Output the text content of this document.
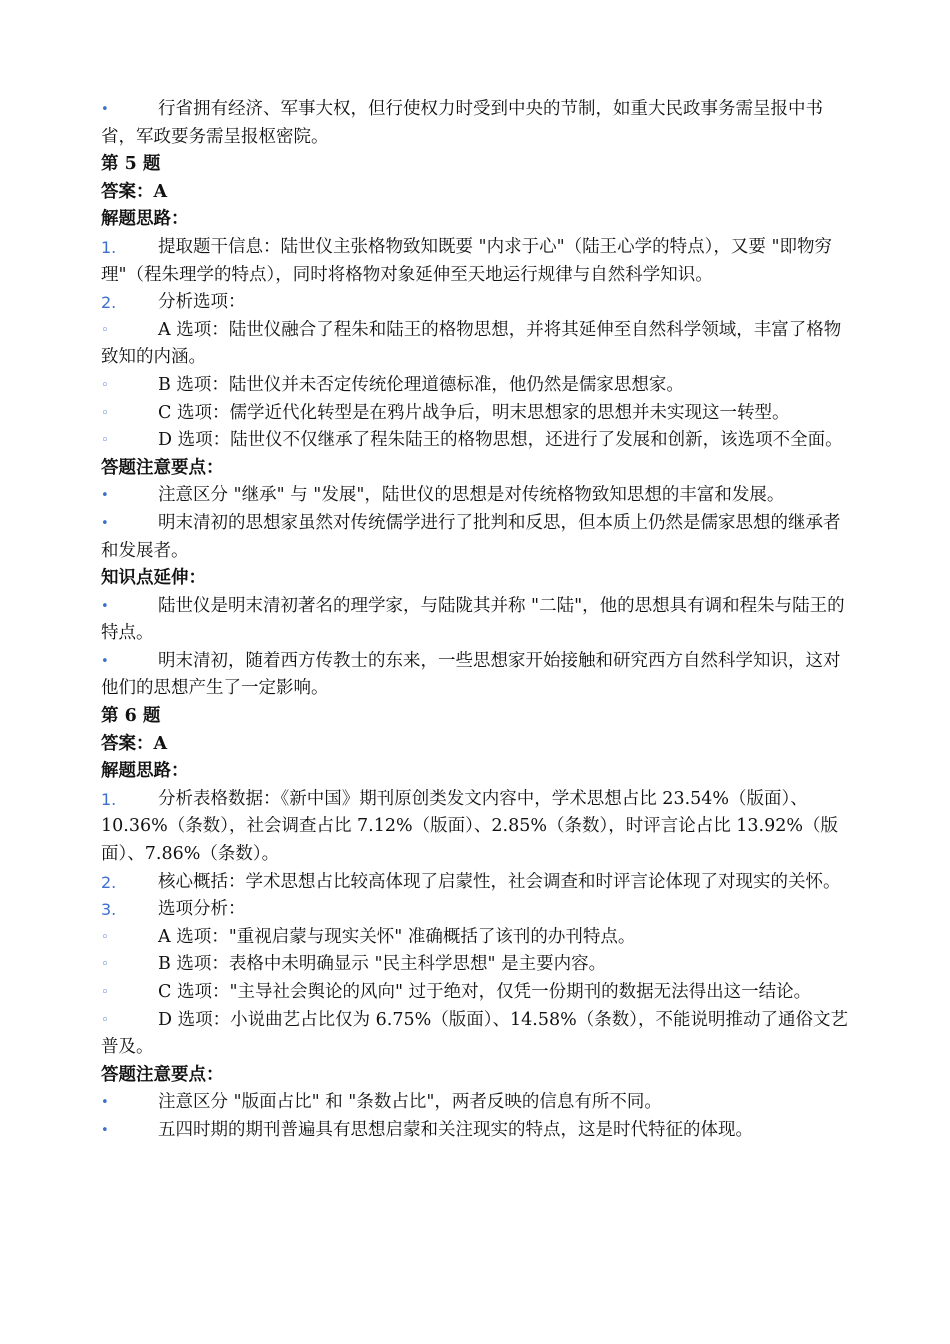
•	行省拥有经济、军事大权，但行使权力时受到中央的节制，如重大民政事务需呈报中书省，军政要务需呈报枢密院。
第 5 题
答案：A
解题思路：
1. 提取题干信息：陆世仪主张格物致知既要 "内求于心"（陆王心学的特点），又要 "即物穷理"（程朱理学的特点），同时将格物对象延伸至天地运行规律与自然科学知识。
2. 分析选项：
◦	A 选项：陆世仪融合了程朱和陆王的格物思想，并将其延伸至自然科学领域，丰富了格物致知的内涵。
◦	B 选项：陆世仪并未否定传统伦理道德标准，他仍然是儒家思想家。
◦	C 选项：儒学近代化转型是在鸦片战争后，明末思想家的思想并未实现这一转型。
◦	D 选项：陆世仪不仅继承了程朱陆王的格物思想，还进行了发展和创新，该选项不全面。
答题注意要点：
•	注意区分 "继承" 与 "发展"，陆世仪的思想是对传统格物致知思想的丰富和发展。
•	明末清初的思想家虽然对传统儒学进行了批判和反思，但本质上仍然是儒家思想的继承者和发展者。
知识点延伸：
•	陆世仪是明末清初著名的理学家，与陆陇其并称 "二陆"，他的思想具有调和程朱与陆王的特点。
•	明末清初，随着西方传教士的东来，一些思想家开始接触和研究西方自然科学知识，这对他们的思想产生了一定影响。
第 6 题
答案：A
解题思路：
1. 分析表格数据：《新中国》期刊原创类发文内容中，学术思想占比 23.54%（版面）、10.36%（条数），社会调查占比 7.12%（版面）、2.85%（条数），时评言论占比 13.92%（版面）、7.86%（条数）。
2. 核心概括：学术思想占比较高体现了启蒙性，社会调查和时评言论体现了对现实的关怀。
3. 选项分析：
◦	A 选项："重视启蒙与现实关怀" 准确概括了该刊的办刊特点。
◦	B 选项：表格中未明确显示 "民主科学思想" 是主要内容。
◦	C 选项："主导社会舆论的风向" 过于绝对，仅凭一份期刊的数据无法得出这一结论。
◦	D 选项：小说曲艺占比仅为 6.75%（版面）、14.58%（条数），不能说明推动了通俗文艺普及。
答题注意要点：
•	注意区分 "版面占比" 和 "条数占比"，两者反映的信息有所不同。
•	五四时期的期刊普遍具有思想启蒙和关注现实的特点，这是时代特征的体现。
